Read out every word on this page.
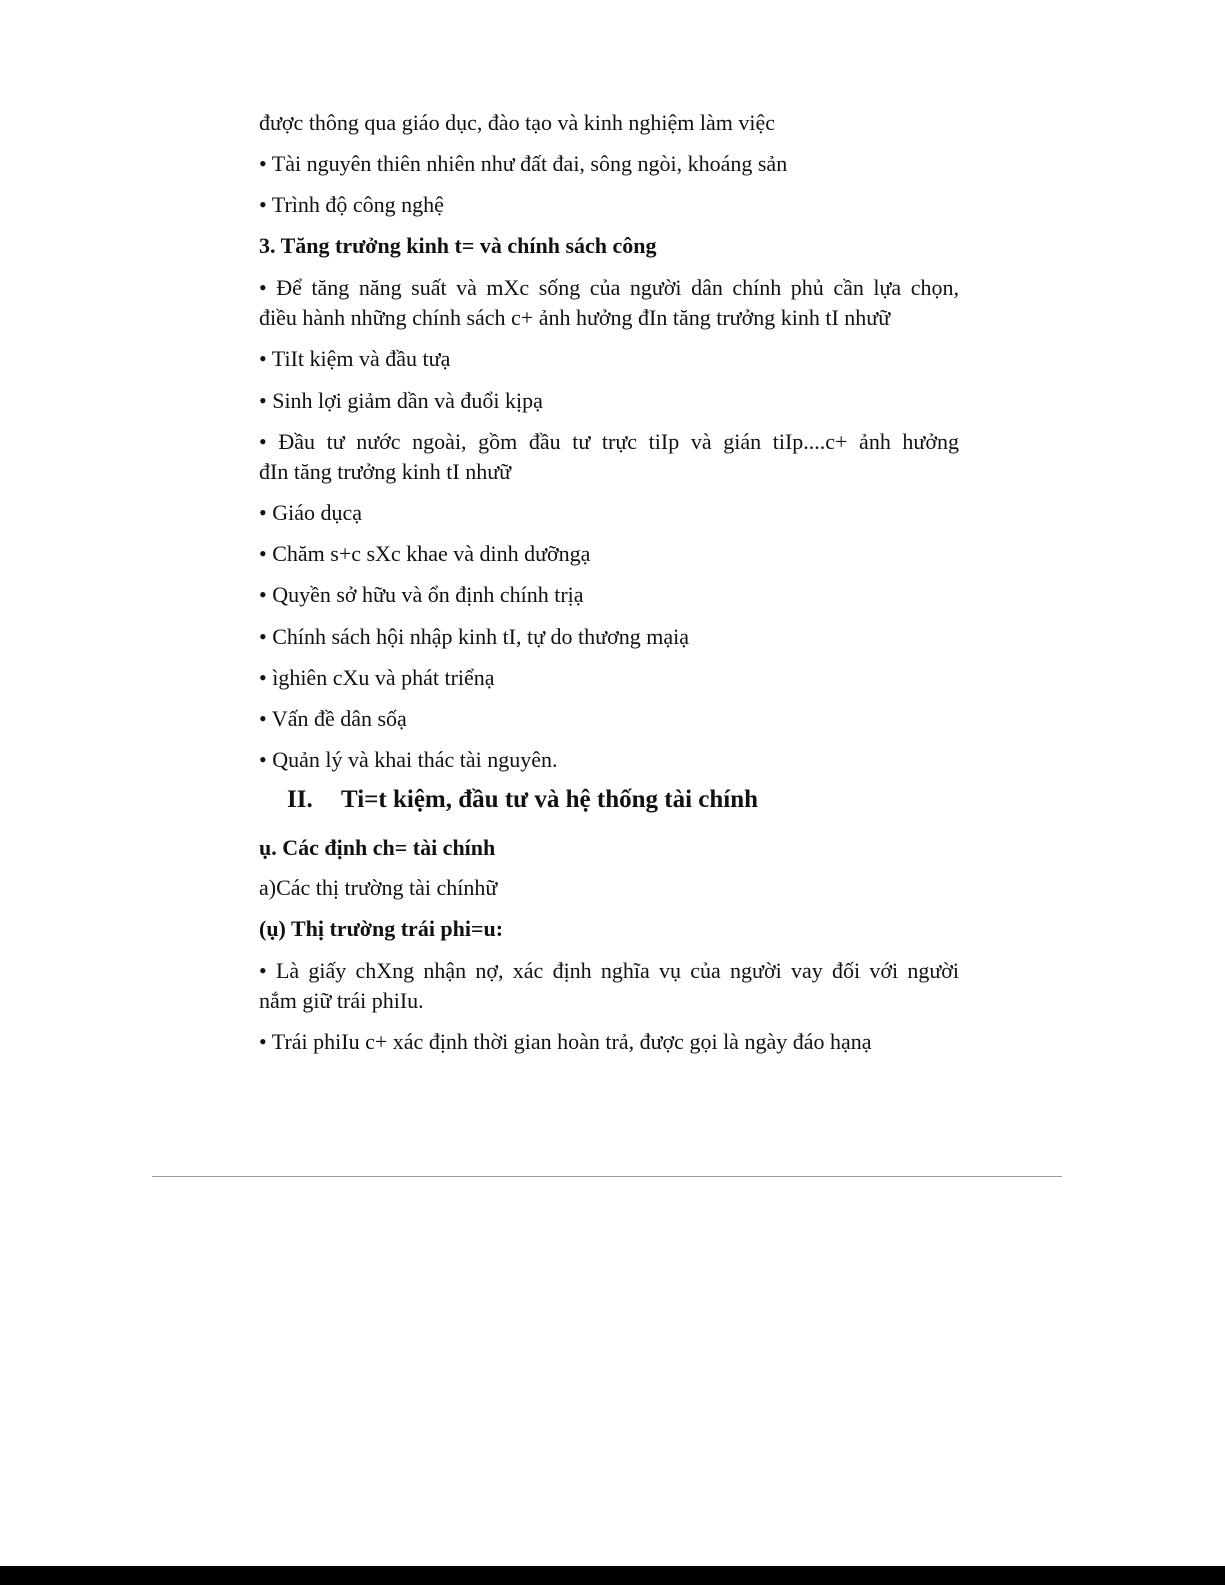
được thông qua giáo dục, đào tạo và kinh nghiệm làm việc
• Tài nguyên thiên nhiên như đất đai, sông ngòi, khoáng sản
• Trình độ công nghệ
3. Tăng trưởng kinh t= và chính sách công
• Để tăng năng suất và mXc sống của người dân chính phủ cần lựa chọn,
điều hành những chính sách c+ ảnh hưởng đIn tăng trưởng kinh tI nhưữ
• TiIt kiệm và đầu tưạ
• Sinh lợi giảm dần và đuổi kịpạ
• Đầu tư nước ngoài, gồm đầu tư trực tiIp và gián tiIp....c+ ảnh hưởng
đIn tăng trưởng kinh tI nhưữ
• Giáo dụcạ
• Chăm s+c sXc khae và dinh dưỡngạ
• Quyền sở hữu và ổn định chính trịạ
• Chính sách hội nhập kinh tI, tự do thương mạiạ
• ìghiên cXu và phát triểnạ
• Vấn đề dân sốạ
• Quản lý và khai thác tài nguyên.
II. Ti=t kiệm, đầu tư và hệ thống tài chính
ụ. Các định ch= tài chính
a)Các thị trường tài chínhữ
(ụ) Thị trường trái phi=u:
• Là giấy chXng nhận nợ, xác định nghĩa vụ của người vay đối với người
nắm giữ trái phiIu.
• Trái phiIu c+ xác định thời gian hoàn trả, được gọi là ngày đáo hạnạ
